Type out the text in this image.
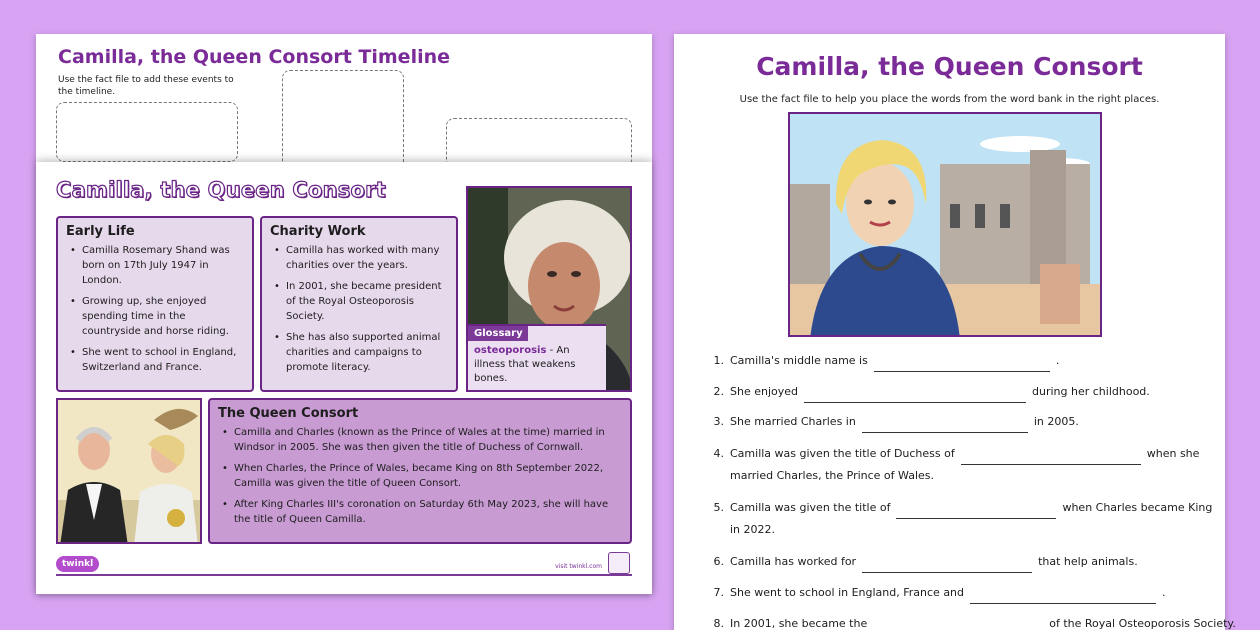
Camilla, the Queen Consort Timeline
Use the fact file to add these events to the timeline.
Camilla, the Queen Consort
Early Life
• Camilla Rosemary Shand was born on 17th July 1947 in London.
• Growing up, she enjoyed spending time in the countryside and horse riding.
• She went to school in England, Switzerland and France.
Charity Work
• Camilla has worked with many charities over the years.
• In 2001, she became president of the Royal Osteoporosis Society.
• She has also supported animal charities and campaigns to promote literacy.
Glossary
osteoporosis - An illness that weakens bones.
The Queen Consort
• Camilla and Charles (known as the Prince of Wales at the time) married in Windsor in 2005. She was then given the title of Duchess of Cornwall.
• When Charles, the Prince of Wales, became King on 8th September 2022, Camilla was given the title of Queen Consort.
• After King Charles III's coronation on Saturday 6th May 2023, she will have the title of Queen Camilla.
twinkl	visit twinkl.com
Camilla, the Queen Consort
Use the fact file to help you place the words from the word bank in the right places.
1. Camilla's middle name is	.
2. She enjoyed	during her childhood.
3. She married Charles in	in 2005.
4. Camilla was given the title of Duchess of	when she
married Charles, the Prince of Wales.
5. Camilla was given the title of	when Charles became King
in 2022.
6. Camilla has worked for	that help animals.
7. She went to school in England, France and	.
8. In 2001, she became the	of the Royal Osteoporosis Society.
